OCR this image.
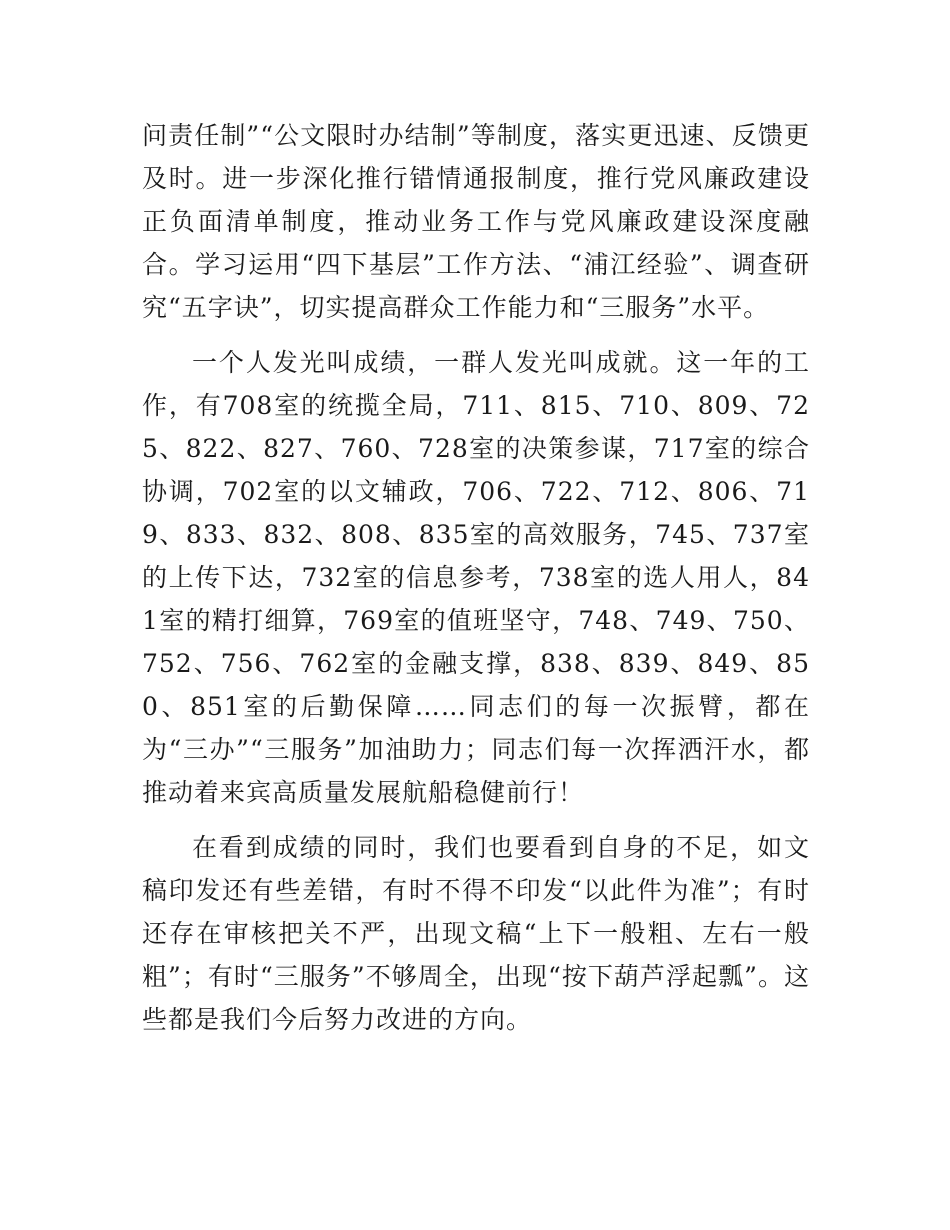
问责任制”“公文限时办结制”等制度，落实更迅速、反馈更及时。进一步深化推行错情通报制度，推行党风廉政建设正负面清单制度，推动业务工作与党风廉政建设深度融合。学习运用“四下基层”工作方法、“浦江经验”、调查研究“五字诀”，切实提高群众工作能力和“三服务”水平。

一个人发光叫成绩，一群人发光叫成就。这一年的工作，有708室的统揽全局，711、815、710、809、725、822、827、760、728室的决策参谋，717室的综合协调，702室的以文辅政，706、722、712、806、719、833、832、808、835室的高效服务，745、737室的上传下达，732室的信息参考，738室的选人用人，841室的精打细算，769室的值班坚守，748、749、750、752、756、762室的金融支撑，838、839、849、850、851室的后勤保障……同志们的每一次振臂，都在为“三办”“三服务”加油助力；同志们每一次挥洒汗水，都推动着来宾高质量发展航船稳健前行！

在看到成绩的同时，我们也要看到自身的不足，如文稿印发还有些差错，有时不得不印发“以此件为准”；有时还存在审核把关不严，出现文稿“上下一般粗、左右一般粗”；有时“三服务”不够周全，出现“按下葫芦浮起瓢”。这些都是我们今后努力改进的方向。
